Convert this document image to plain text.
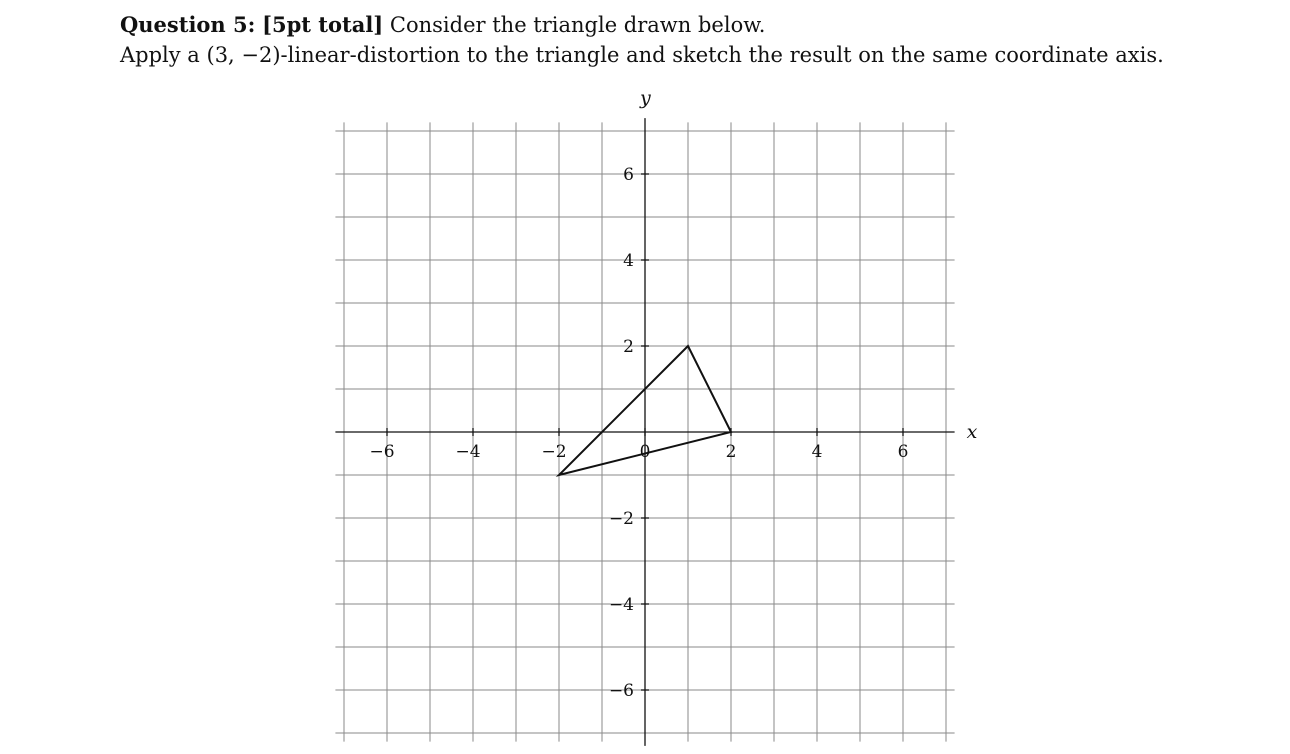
Question 5: [5pt total] Consider the triangle drawn below.
Apply a (3, −2)-linear-distortion to the triangle and sketch the result on the same coordinate axis.
−6	−4	−2	0	2	4	6
6
4
2
−2
−4
−6
x
y
